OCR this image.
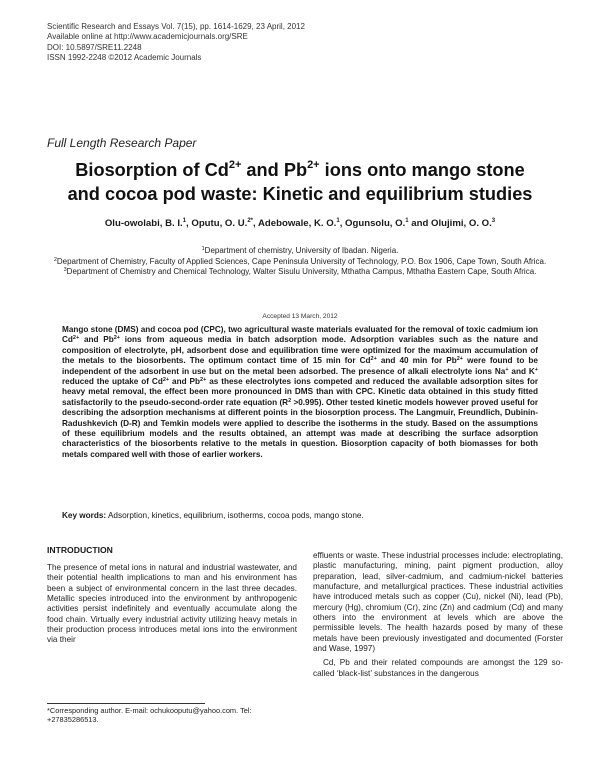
Scientific Research and Essays Vol. 7(15), pp. 1614-1629, 23 April, 2012
Available online at http://www.academicjournals.org/SRE
DOI: 10.5897/SRE11.2248
ISSN 1992-2248 ©2012 Academic Journals
Full Length Research Paper
Biosorption of $Cd^{2+}$ and $Pb^{2+}$ ions onto mango stone
and cocoa pod waste: Kinetic and equilibrium studies
Olu-owolabi, B. I.$^1$, Oputu, O. U.$^{2*}$, Adebowale, K. O.$^1$, Ogunsolu, O.$^1$ and Olujimi, O. O.$^3$
$^1$Department of chemistry, University of Ibadan. Nigeria.
$^2$Department of Chemistry, Faculty of Applied Sciences, Cape Peninsula University of Technology, P.O. Box 1906, Cape Town, South Africa.
$^3$Department of Chemistry and Chemical Technology, Walter Sisulu University, Mthatha Campus, Mthatha Eastern Cape, South Africa.
Accepted 13 March, 2012
Mango stone (DMS) and cocoa pod (CPC), two agricultural waste materials evaluated for the removal of toxic cadmium ion $Cd^{2+}$ and $Pb^{2+}$ ions from aqueous media in batch adsorption mode. Adsorption variables such as the nature and composition of electrolyte, pH, adsorbent dose and equilibration time were optimized for the maximum accumulation of the metals to the biosorbents. The optimum contact time of 15 min for $Cd^{2+}$ and 40 min for $Pb^{2+}$ were found to be independent of the adsorbent in use but on the metal been adsorbed. The presence of alkali electrolyte ions Na+ and K+ reduced the uptake of $Cd^{2+}$ and $Pb^{2+}$ as these electrolytes ions competed and reduced the available adsorption sites for heavy metal removal, the effect been more pronounced in DMS than with CPC. Kinetic data obtained in this study fitted satisfactorily to the pseudo-second-order rate equation $(R^2 >0.995)$. Other tested kinetic models however proved useful for describing the adsorption mechanisms at different points in the biosorption process. The Langmuir, Freundlich, Dubinin- Radushkevich (D-R) and Temkin models were applied to describe the isotherms in the study. Based on the assumptions of these equilibrium models and the results obtained, an attempt was made at describing the surface adsorption characteristics of the biosorbents relative to the metals in question. Biosorption capacity of both biomasses for both metals compared well with those of earlier workers.
Key words: Adsorption, kinetics, equilibrium, isotherms, cocoa pods, mango stone.
INTRODUCTION

The presence of metal ions in natural and industrial wastewater, and their potential health implications to man and his environment has been a subject of environmental concern in the last three decades. Metallic species introduced into the environment by anthropogenic activities persist indefinitely and eventually accumulate along the food chain. Virtually every industrial activity utilizing heavy metals in their production process introduces metal ions into the environment via their

effluents or waste. These industrial processes include: electroplating, plastic manufacturing, mining, paint pigment production, alloy preparation, lead, silver-cadmium, and cadmium-nickel batteries manufacture, and metallurgical practices. These industrial activities have introduced metals such as copper (Cu), nickel (Ni), lead (Pb), mercury (Hg), chromium (Cr), zinc (Zn) and cadmium (Cd) and many others into the environment at levels which are above the permissible levels. The health hazards posed by many of these metals have been previously investigated and documented (Forster and Wase, 1997)

Cd, Pb and their related compounds are amongst the 129 so-called ‘black-list’ substances in the dangerous

*Corresponding author. E-mail: ochukooputu@yahoo.com. Tel: +27835286513.
